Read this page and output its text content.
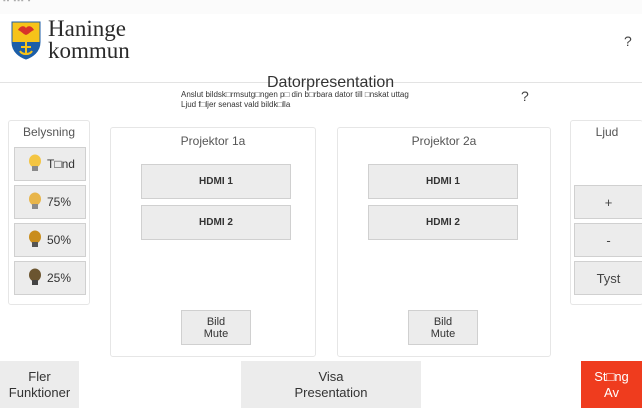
-- --- -
Haninge
kommun	?
Datorpresentation
Anslut bildsk□rmsutg□ngen p□ din b□rbara dator till □nskat uttag
Ljud f□ljer senast vald bildk□lla
?
Belysning
T□nd
75%
50%
25%
Projektor 1a
HDMI 1
HDMI 2
Bild
Mute
Projektor 2a
HDMI 1
HDMI 2
Bild
Mute
Ljud
+
-
Tyst
Fler
Funktioner
Visa
Presentation
St□ng
Av
